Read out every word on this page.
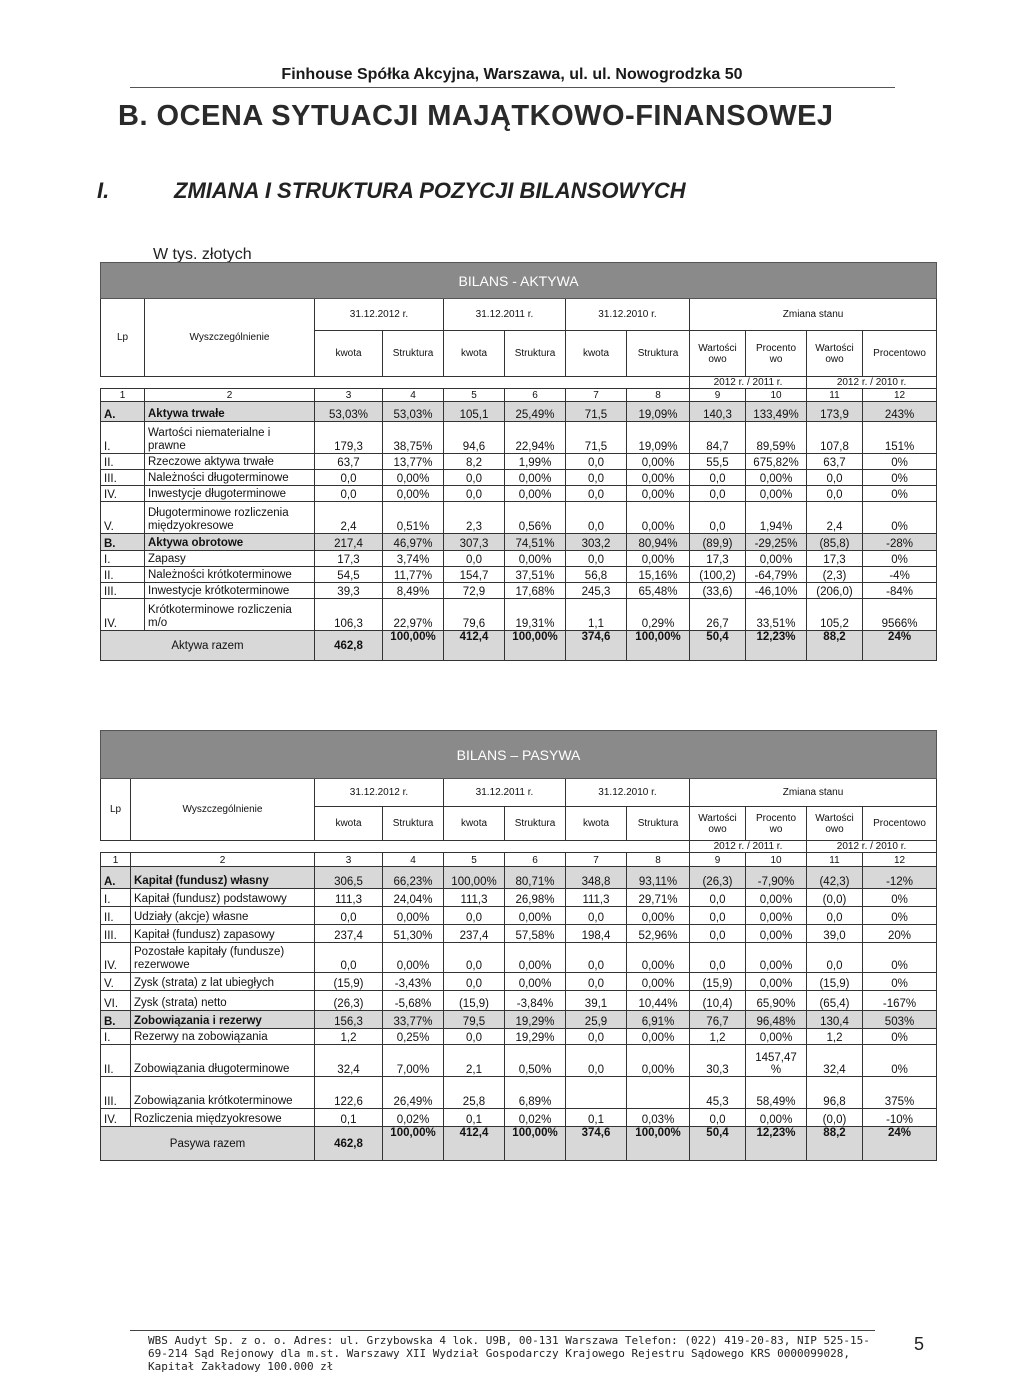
Finhouse Spółka Akcyjna, Warszawa, ul. ul. Nowogrodzka 50
B. OCENA SYTUACJI MAJĄTKOWO-FINANSOWEJ
I.	ZMIANA I STRUKTURA POZYCJI BILANSOWYCH
W tys. złotych
BILANS - AKTYWA											
Lp	Wyszczególnienie	31.12.2012 r.		31.12.2011 r.		31.12.2010 r.		Zmiana stanu			
		kwota	Struktura	kwota	Struktura	kwota	Struktura	Wartości owo	Procento wo	Wartości owo	Procentowo
								2012 r. / 2011 r.		2012 r. / 2010 r.	
1	2	3	4	5	6	7	8	9	10	11	12
A.	Aktywa trwałe	53,03%	53,03%	105,1	25,49%	71,5	19,09%	140,3	133,49%	173,9	243%
I.	Wartości niematerialne i prawne	179,3	38,75%	94,6	22,94%	71,5	19,09%	84,7	89,59%	107,8	151%
II.	Rzeczowe aktywa trwałe	63,7	13,77%	8,2	1,99%	0,0	0,00%	55,5	675,82%	63,7	0%
III.	Należności długoterminowe	0,0	0,00%	0,0	0,00%	0,0	0,00%	0,0	0,00%	0,0	0%
IV.	Inwestycje długoterminowe	0,0	0,00%	0,0	0,00%	0,0	0,00%	0,0	0,00%	0,0	0%
V.	Długoterminowe rozliczenia międzyokresowe	2,4	0,51%	2,3	0,56%	0,0	0,00%	0,0	1,94%	2,4	0%
B.	Aktywa obrotowe	217,4	46,97%	307,3	74,51%	303,2	80,94%	(89,9)	-29,25%	(85,8)	-28%
I.	Zapasy	17,3	3,74%	0,0	0,00%	0,0	0,00%	17,3	0,00%	17,3	0%
II.	Należności krótkoterminowe	54,5	11,77%	154,7	37,51%	56,8	15,16%	(100,2)	-64,79%	(2,3)	-4%
III.	Inwestycje krótkoterminowe	39,3	8,49%	72,9	17,68%	245,3	65,48%	(33,6)	-46,10%	(206,0)	-84%
IV.	Krótkoterminowe rozliczenia m/o	106,3	22,97%	79,6	19,31%	1,1	0,29%	26,7	33,51%	105,2	9566%
Aktywa razem		462,8	100,00%	412,4	100,00%	374,6	100,00%	50,4	12,23%	88,2	24%
BILANS – PASYWA											
Lp	Wyszczególnienie	31.12.2012 r.		31.12.2011 r.		31.12.2010 r.		Zmiana stanu			
		kwota	Struktura	kwota	Struktura	kwota	Struktura	Wartości owo	Procento wo	Wartości owo	Procentowo
								2012 r. / 2011 r.		2012 r. / 2010 r.	
1	2	3	4	5	6	7	8	9	10	11	12
A.	Kapitał (fundusz) własny	306,5	66,23%	100,00%	80,71%	348,8	93,11%	(26,3)	-7,90%	(42,3)	-12%
I.	Kapitał (fundusz) podstawowy	111,3	24,04%	111,3	26,98%	111,3	29,71%	0,0	0,00%	(0,0)	0%
II.	Udziały (akcje) własne	0,0	0,00%	0,0	0,00%	0,0	0,00%	0,0	0,00%	0,0	0%
III.	Kapitał (fundusz) zapasowy	237,4	51,30%	237,4	57,58%	198,4	52,96%	0,0	0,00%	39,0	20%
IV.	Pozostałe kapitały (fundusze) rezerwowe	0,0	0,00%	0,0	0,00%	0,0	0,00%	0,0	0,00%	0,0	0%
V.	Zysk (strata) z lat ubiegłych	(15,9)	-3,43%	0,0	0,00%	0,0	0,00%	(15,9)	0,00%	(15,9)	0%
VI.	Zysk (strata) netto	(26,3)	-5,68%	(15,9)	-3,84%	39,1	10,44%	(10,4)	65,90%	(65,4)	-167%
B.	Zobowiązania i rezerwy	156,3	33,77%	79,5	19,29%	25,9	6,91%	76,7	96,48%	130,4	503%
I.	Rezerwy na zobowiązania	1,2	0,25%	0,0	19,29%	0,0	0,00%	1,2	0,00%	1,2	0%
II.	Zobowiązania długoterminowe	32,4	7,00%	2,1	0,50%	0,0	0,00%	30,3	1457,47 %	32,4	0%
III.	Zobowiązania krótkoterminowe	122,6	26,49%	25,8	6,89%			45,3	58,49%	96,8	375%
IV.	Rozliczenia międzyokresowe	0,1	0,02%	0,1	0,02%	0,1	0,03%	0,0	0,00%	(0,0)	-10%
Pasywa razem		462,8	100,00%	412,4	100,00%	374,6	100,00%	50,4	12,23%	88,2	24%
WBS Audyt Sp. z o. o. Adres: ul. Grzybowska 4 lok. U9B, 00-131 Warszawa Telefon: (022) 419-20-83, NIP 525-15-69-214 Sąd Rejonowy dla m.st. Warszawy XII Wydział Gospodarczy Krajowego Rejestru Sądowego KRS 0000099028, Kapitał Zakładowy 100.000 zł
5
